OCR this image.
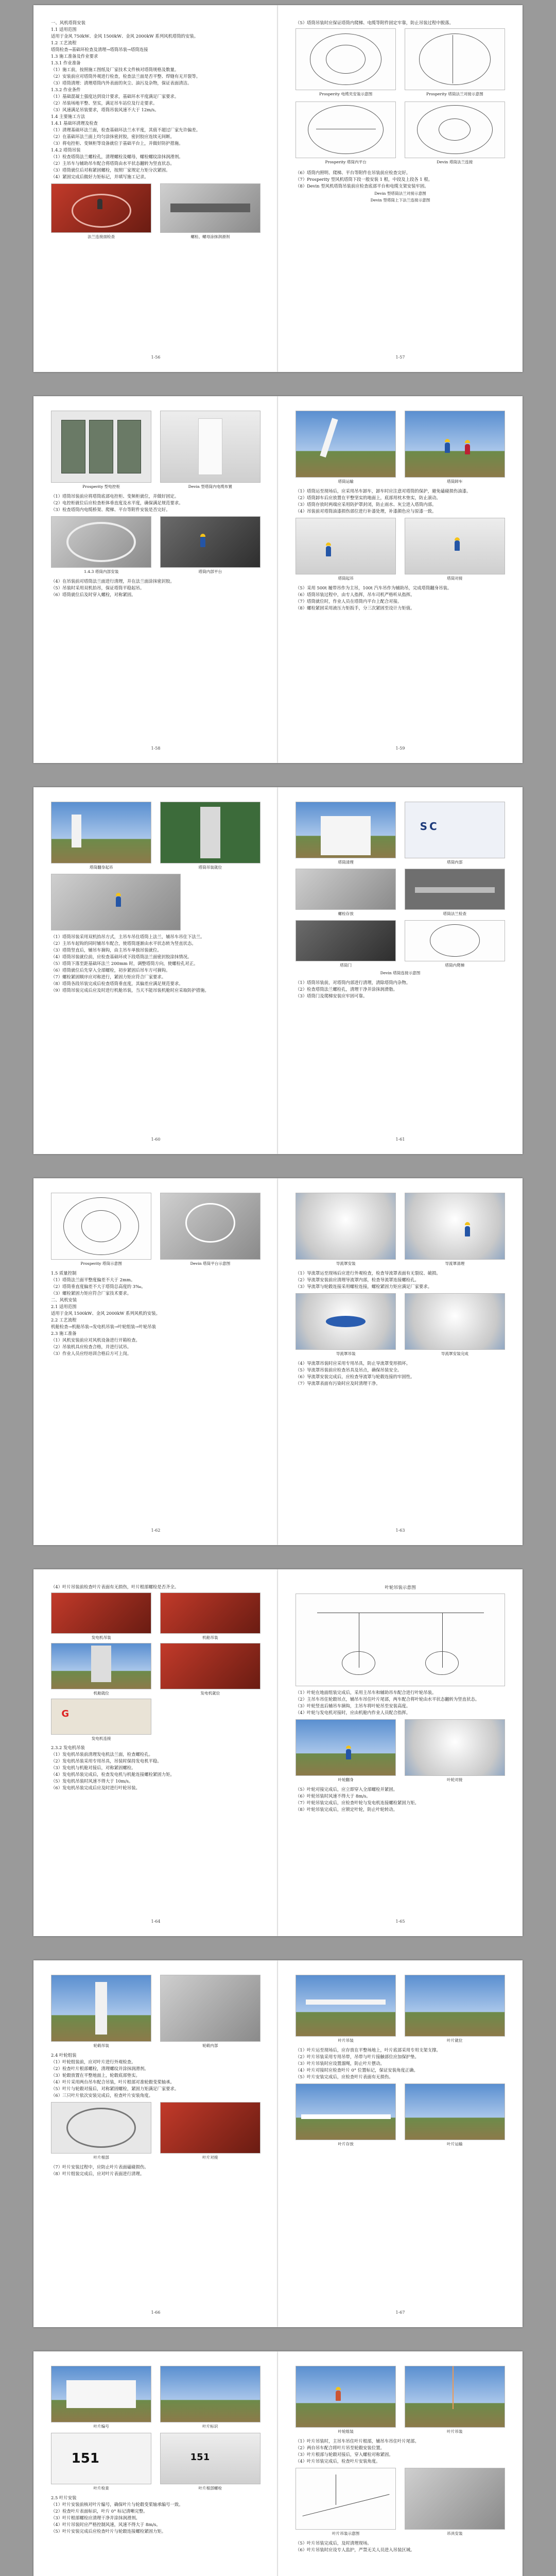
一、风机塔筒安装
1.1 适用范围
适用于金风 750kW、金风 1500kW、金风 2000kW 系列风机塔筒的安装。
1.2 工艺流程
塔筒检查→基础环检查及清理→塔筒吊装→塔筒连接
1.3 施工准备及作业要求
1.3.1 作业准备
（1）施工前，按照施工图纸及厂家技术文件核对塔筒规格及数量。
（2）安装前应对塔筒外观进行检查，检查法兰面是否平整、焊缝有无开裂等。
（3）塔筒清理：清理塔筒内外表面的灰尘、油污及杂物，保证表面清洁。
1.3.2 作业条件
（1）基础混凝土强度达到设计要求，基础环水平度满足厂家要求。
（2）吊装场地平整、坚实，满足吊车站位及行走要求。
（3）风速满足吊装要求，塔筒吊装风速不大于 12m/s。
1.4 主要施工方法
1.4.1 基础环清理及检查
（1）清理基础环法兰面，检查基础环法兰水平度，其值不超过厂家允许偏差。
（2）在基础环法兰面上均匀涂抹密封胶，密封胶应连续无间断。
（3）将电控柜、变频柜等设备就位于基础平台上，并做好防护措施。
1.4.2 塔筒吊装
（1）检查塔筒法兰螺栓孔，清理螺栓及螺母，螺栓螺纹涂抹润滑剂。
（2）主吊车与辅助吊车配合将塔筒由水平状态翻转为竖直状态。
（3）塔筒就位后对称紧固螺栓，按照厂家规定力矩分次紧固。
（4）紧固完成后做好力矩标记，并填写施工记录。
法兰连接面检查	螺栓、螺母涂抹润滑剂
1-56
（5）塔筒吊装时应保证塔筒内爬梯、电缆等附件固定牢靠，防止吊装过程中脱落。
Prosperity 电缆夹安装示意图	Prosperity 塔筒法兰对接示意图
Prosperity 塔筒内平台	Devin 塔筒法兰连接
（6）塔筒内照明、爬梯、平台等附件在吊装前应检查完好。
（7）Prosperity 型风机塔筒下段一般安装 1 根，中段及上段各 1 根。
（8）Devin 型风机塔筒吊装前应检查底部平台和电缆支架安装牢固。
Devin 型塔筒法兰对接示意图
Devin 型塔筒上下法兰连接示意图
1-57
Prosperity 型电控柜	Devin 型塔筒内电缆布置
（1）塔筒吊装前应将塔筒底部电控柜、变频柜就位，并做好固定。
（2）电控柜就位后应检查柜体垂直度及水平度，确保满足规范要求。
（3）检查塔筒内电缆桥架、爬梯、平台等附件安装是否完好。
1.4.3 塔筒内部安装	塔筒内部平台
（4）在吊装前对塔筒法兰面进行清理，并在法兰面涂抹密封胶。
（5）吊装时采用双机抬吊，保证塔筒平稳起吊。
（6）塔筒就位后及时穿入螺栓，对称紧固。
1-58
塔筒运输	塔筒卸车
（1）塔筒运至现场后，应采用吊车卸车，卸车时应注意对塔筒的保护，避免磕碰损伤油漆。
（2）塔筒卸车后应放置在平整坚实的地面上，底部用枕木垫实，防止滚动。
（3）塔筒存放时两端应采用防护罩封闭，防止雨水、灰尘进入塔筒内部。
（4）吊装前对塔筒油漆损伤部位进行补漆处理，补漆颜色应与原漆一致。
塔筒起吊	塔筒对接
（5）采用 500t 履带吊作为主吊，100t 汽车吊作为辅助吊，完成塔筒翻身吊装。
（6）塔筒吊装过程中，由专人指挥，吊车司机严格听从指挥。
（7）塔筒就位时，作业人员在塔筒内平台上配合对接。
（8）螺栓紧固采用液压力矩扳手，分三次紧固至设计力矩值。
1-59
塔筒翻身起吊	塔筒吊装就位
（1）塔筒吊装采用双机抬吊方式，主吊车吊住塔筒上法兰，辅吊车吊住下法兰。
（2）主吊车起钩的同时辅吊车配合，使塔筒逐渐由水平状态转为竖直状态。
（3）塔筒竖直后，辅吊车摘钩，由主吊车单独吊装就位。
（4）塔筒吊装就位前，应检查基础环或下段塔筒法兰面密封胶涂抹情况。
（5）塔筒下落至距基础环法兰 200mm 时，调整塔筒方向，使螺栓孔对正。
（6）塔筒就位后先穿入全部螺栓，初步紧固后吊车方可摘钩。
（7）螺栓紧固顺序应对称进行，紧固力矩应符合厂家要求。
（8）塔筒各段吊装完成后检查塔筒垂直度，其偏差应满足规范要求。
（9）塔筒吊装完成后应及时进行机舱吊装，当天不能吊装机舱时应采取防护措施。
1-60
塔筒清理
S C
塔筒内部
螺栓存放	塔筒法兰检查
塔筒门	塔筒内爬梯
Devin 塔筒连接示意图
（1）塔筒吊装前，对塔筒内部进行清理，清除塔筒内杂物。
（2）检查塔筒法兰螺栓孔，清理干净并涂抹润滑脂。
（3）塔筒门及爬梯安装应牢固可靠。
1-61
Prosperity 塔筒示意图	Devin 塔筒平台示意图
1.5 质量控制
（1）塔筒法兰面平整度偏差不大于 2mm。
（2）塔筒垂直度偏差不大于塔筒总高度的 3‰。
（3）螺栓紧固力矩应符合厂家技术要求。
二、风机安装
2.1 适用范围
适用于金风 1500kW、金风 2000kW 系列风机的安装。
2.2 工艺流程
机舱检查→机舱吊装→发电机吊装→叶轮组装→叶轮吊装
2.3 施工准备
（1）风机安装前应对风机设备进行开箱检查。
（2）吊装机具应检查合格，并进行试吊。
（3）作业人员应经培训合格后方可上岗。
1-62
导流罩安装	导流罩清理
（1）导流罩运至现场后应进行外观检查，检查导流罩表面有无裂纹、破损。
（2）导流罩安装前应清理导流罩内部，检查导流罩连接螺栓孔。
（3）导流罩与轮毂连接采用螺栓连接，螺栓紧固力矩应满足厂家要求。
导流罩吊装	导流罩安装完成
（4）导流罩吊装时应采用专用吊具，防止导流罩变形损坏。
（5）导流罩吊装前应检查吊具及吊点，确保吊装安全。
（6）导流罩安装完成后，应检查导流罩与轮毂连接的牢固性。
（7）导流罩表面有污染时应及时清理干净。
1-63
（4）叶片吊装前检查叶片表面有无损伤，叶片根部螺栓是否齐全。
发电机吊装	机舱吊装
机舱就位	发电机就位
G
发电机连接
2.3.2 发电机吊装
（1）发电机吊装前清理发电机法兰面，检查螺栓孔。
（2）发电机吊装采用专用吊具，吊装时保持发电机平稳。
（3）发电机与机舱对接后，对称紧固螺栓。
（4）发电机吊装完成后，检查发电机与机舱连接螺栓紧固力矩。
（5）发电机吊装时风速不得大于 10m/s。
（6）发电机吊装完成后应及时进行叶轮吊装。
1-64
叶轮吊装示意图
（1）叶轮在地面组装完成后，采用主吊车和辅助吊车配合进行叶轮吊装。
（2）主吊车吊住轮毂吊点，辅吊车吊住叶片尾部，两车配合将叶轮由水平状态翻转为竖直状态。
（3）叶轮竖直后辅吊车摘钩，主吊车将叶轮吊至安装高度。
（4）叶轮与发电机对接时，应由机舱内作业人员配合指挥。
叶轮翻身	叶轮对接
（5）叶轮对接完成后，应立即穿入全部螺栓并紧固。
（6）叶轮吊装时风速不得大于 8m/s。
（7）叶轮吊装完成后，应检查叶轮与发电机连接螺栓紧固力矩。
（8）叶轮吊装完成后，应锁定叶轮，防止叶轮转动。
1-65
轮毂吊装	轮毂内部
2.4 叶轮组装
（1）叶轮组装前，应对叶片进行外观检查。
（2）检查叶片根部螺栓，清理螺纹并涂抹润滑剂。
（3）轮毂放置在平整地面上，轮毂底部垫实。
（4）叶片采用两台吊车配合吊装，叶片根部对准轮毂变桨轴承。
（5）叶片与轮毂对接后，对称紧固螺栓，紧固力矩满足厂家要求。
（6）三只叶片依次安装完成后，检查叶片安装角度。
叶片根部	叶片对接
（7）叶片安装过程中，应防止叶片表面磕碰损伤。
（8）叶片组装完成后，应对叶片表面进行清理。
1-66
叶片吊装	叶片就位
（1）叶片运至现场后，应存放在平整场地上，叶片底部采用专用支架支撑。
（2）叶片吊装采用专用吊带，吊带与叶片接触部位应加保护垫。
（3）叶片吊装时应设置溜绳，防止叶片摆动。
（4）叶片对接时应检查叶片 0° 位置标记，保证安装角度正确。
（5）叶片安装完成后，应检查叶片表面有无损伤。
叶片存放	叶片运输
1-67
叶片编号	叶片标识
151
叶片检查
151
叶片根部螺栓
2.5 叶片安装
（1）叶片安装前核对叶片编号，确保叶片与轮毂变桨轴承编号一致。
（2）检查叶片表面标识，叶片 0° 标记清晰完整。
（3）叶片根部螺栓应清理干净并涂抹润滑剂。
（4）叶片吊装时应严格控制风速，风速不得大于 8m/s。
（5）叶片安装完成后应检查叶片与轮毂连接螺栓紧固力矩。
叶轮组装	叶片吊装
（1）叶片吊装时，主吊车吊住叶片根部，辅吊车吊住叶片尾部。
（2）两台吊车配合将叶片吊至轮毂安装位置。
（3）叶片根部与轮毂对接后，穿入螺栓对称紧固。
（4）叶片吊装完成后，检查叶片安装角度。
叶片吊装示意图	吊具安装
（5）叶片吊装完成后，及时清理现场。
（6）叶片吊装时应设专人监护，严禁无关人员进入吊装区域。
